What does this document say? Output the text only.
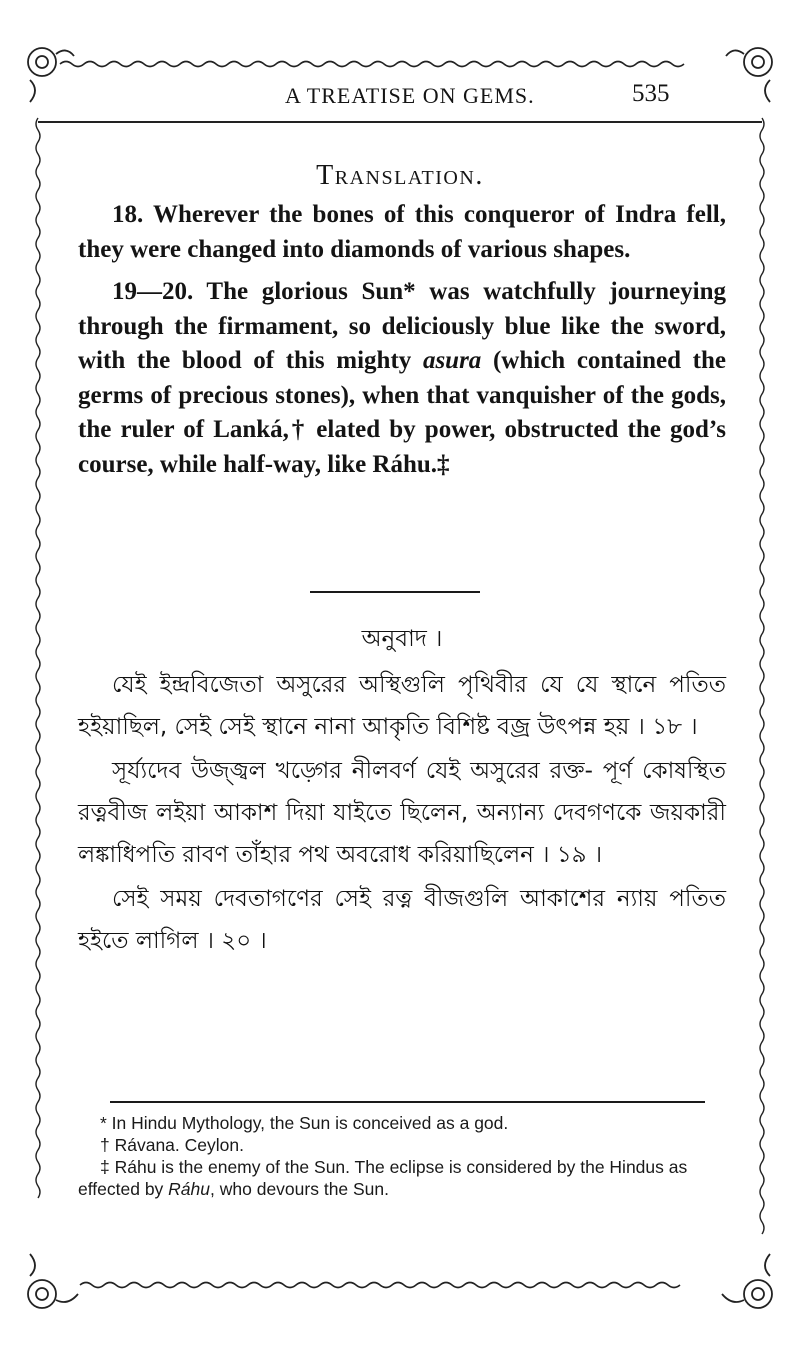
A TREATISE ON GEMS.	535
Translation.

18. Wherever the bones of this conqueror of Indra fell, they were changed into diamonds of various shapes.

19—20. The glorious Sun* was watchfully journeying through the firmament, so deliciously blue like the sword, with the blood of this mighty asura (which contained the germs of precious stones), when that vanquisher of the gods, the ruler of Lanká,† elated by power, obstructed the god’s course, while half-way, like Ráhu.‡

অনুবাদ ।

যেই ইন্দ্রবিজেতা অসুরের অস্থিগুলি পৃথিবীর যে যে স্থানে পতিত হইয়াছিল, সেই সেই স্থানে নানা আকৃতি বিশিষ্ট বজ্র উৎপন্ন হয় । ১৮ ।

সূর্য্যদেব উজ্জ্বল খড়্গের নীলবর্ণ যেই অসুরের রক্ত- পূর্ণ কোষস্থিত রত্নবীজ লইয়া আকাশ দিয়া যাইতে ছিলেন, অন্যান্য দেবগণকে জয়কারী লঙ্কাধিপতি রাবণ তাঁহার পথ অবরোধ করিয়াছিলেন । ১৯ ।

সেই সময় দেবতাগণের সেই রত্ন বীজগুলি আকাশের ন্যায় পতিত হইতে লাগিল । ২০ ।

* In Hindu Mythology, the Sun is conceived as a god.
† Rávana. Ceylon.
‡ Ráhu is the enemy of the Sun. The eclipse is considered by the Hindus as effected by Ráhu, who devours the Sun.
